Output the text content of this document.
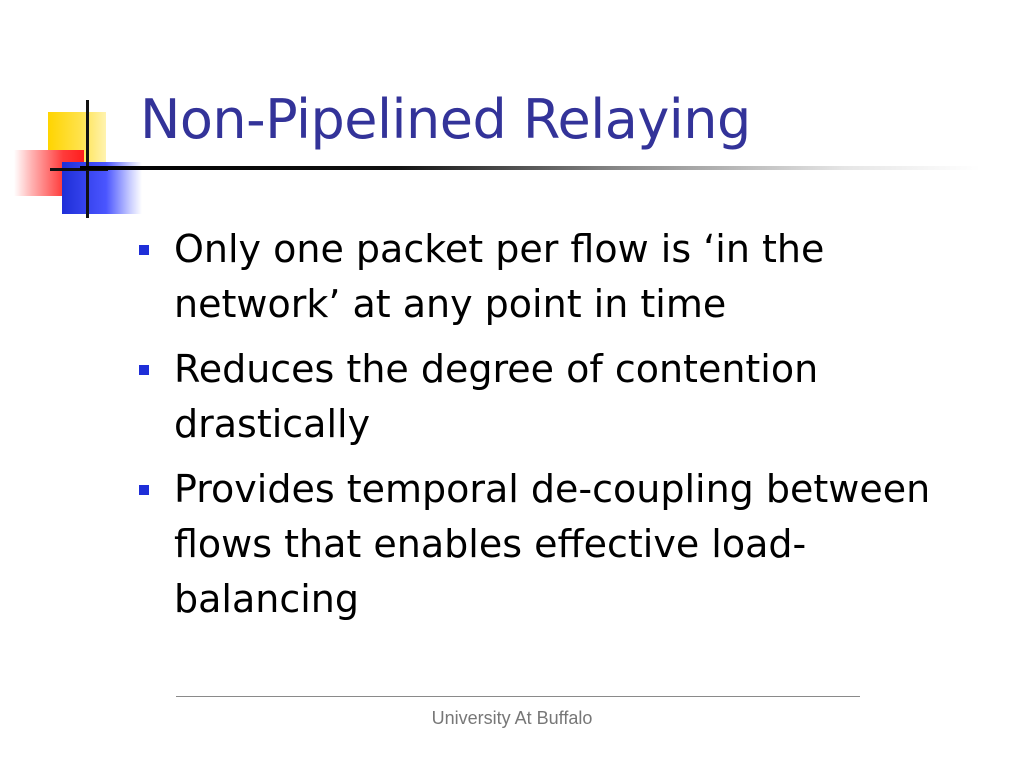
Non-Pipelined Relaying
Only one packet per flow is ‘in the network’ at any point in time
Reduces the degree of contention drastically
Provides temporal de-coupling between flows that enables effective load-balancing
University At Buffalo
